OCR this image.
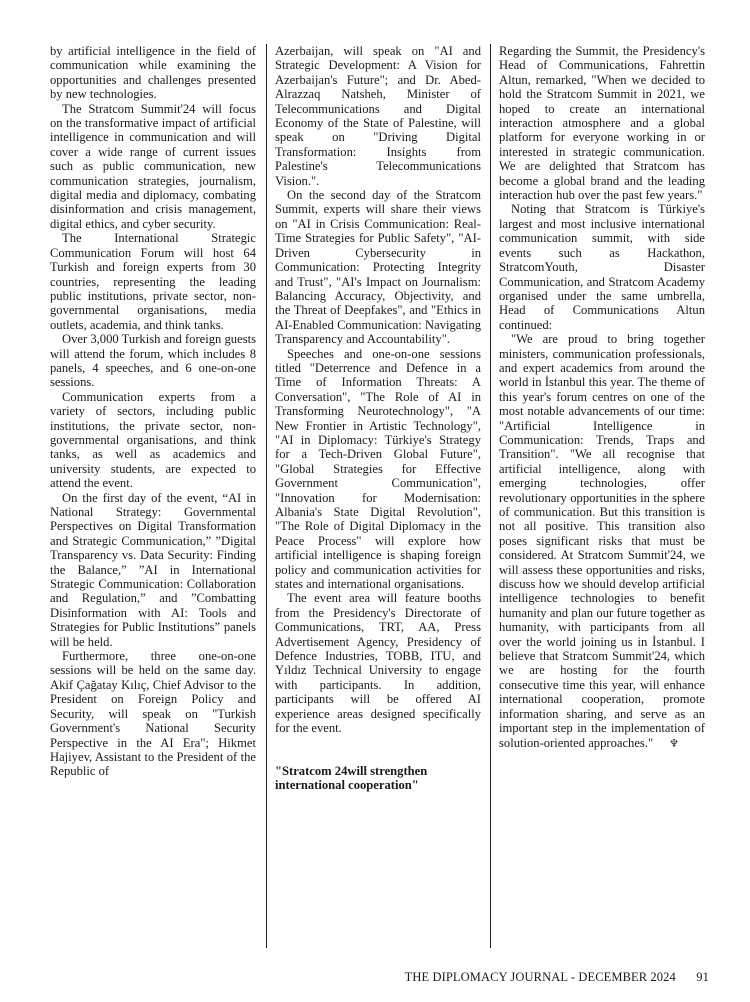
by artificial intelligence in the field of communication while examining the opportunities and challenges presented by new technologies.

The Stratcom Summit'24 will focus on the transformative impact of artificial intelligence in communication and will cover a wide range of current issues such as public communication, new communication strategies, journalism, digital media and diplomacy, combating disinformation and crisis management, digital ethics, and cyber security.

The International Strategic Communication Forum will host 64 Turkish and foreign experts from 30 countries, representing the leading public institutions, private sector, non-governmental organisations, media outlets, academia, and think tanks.

Over 3,000 Turkish and foreign guests will attend the forum, which includes 8 panels, 4 speeches, and 6 one-on-one sessions.

Communication experts from a variety of sectors, including public institutions, the private sector, non-governmental organisations, and think tanks, as well as academics and university students, are expected to attend the event.

On the first day of the event, “AI in National Strategy: Governmental Perspectives on Digital Transformation and Strategic Communication,” ”Digital Transparency vs. Data Security: Finding the Balance,” ”AI in International Strategic Communication: Collaboration and Regulation,” and ”Combatting Disinformation with AI: Tools and Strategies for Public Institutions” panels will be held.

Furthermore, three one-on-one sessions will be held on the same day. Akif Çağatay Kılıç, Chief Advisor to the President on Foreign Policy and Security, will speak on "Turkish Government's National Security Perspective in the AI Era"; Hikmet Hajiyev, Assistant to the President of the Republic of

Azerbaijan, will speak on "AI and Strategic Development: A Vision for Azerbaijan's Future"; and Dr. Abed-Alrazzaq Natsheh, Minister of Telecommunications and Digital Economy of the State of Palestine, will speak on "Driving Digital Transformation: Insights from Palestine's Telecommunications Vision.".

On the second day of the Stratcom Summit, experts will share their views on "AI in Crisis Communication: Real-Time Strategies for Public Safety", "AI-Driven Cybersecurity in Communication: Protecting Integrity and Trust", "AI's Impact on Journalism: Balancing Accuracy, Objectivity, and the Threat of Deepfakes", and "Ethics in AI-Enabled Communication: Navigating Transparency and Accountability".

Speeches and one-on-one sessions titled "Deterrence and Defence in a Time of Information Threats: A Conversation", "The Role of AI in Transforming Neurotechnology", "A New Frontier in Artistic Technology", "AI in Diplomacy: Türkiye's Strategy for a Tech-Driven Global Future", "Global Strategies for Effective Government Communication", "Innovation for Modernisation: Albania's State Digital Revolution", "The Role of Digital Diplomacy in the Peace Process" will explore how artificial intelligence is shaping foreign policy and communication activities for states and international organisations.

The event area will feature booths from the Presidency's Directorate of Communications, TRT, AA, Press Advertisement Agency, Presidency of Defence Industries, TOBB, ITU, and Yıldız Technical University to engage with participants. In addition, participants will be offered AI experience areas designed specifically for the event.

"Stratcom 24will strengthen international cooperation"

Regarding the Summit, the Presidency's Head of Communications, Fahrettin Altun, remarked, "When we decided to hold the Stratcom Summit in 2021, we hoped to create an international interaction atmosphere and a global platform for everyone working in or interested in strategic communication. We are delighted that Stratcom has become a global brand and the leading interaction hub over the past few years."

Noting that Stratcom is Türkiye's largest and most inclusive international communication summit, with side events such as Hackathon, StratcomYouth, Disaster Communication, and Stratcom Academy organised under the same umbrella, Head of Communications Altun continued:

"We are proud to bring together ministers, communication professionals, and expert academics from around the world in İstanbul this year. The theme of this year's forum centres on one of the most notable advancements of our time: "Artificial Intelligence in Communication: Trends, Traps and Transition". "We all recognise that artificial intelligence, along with emerging technologies, offer revolutionary opportunities in the sphere of communication. But this transition is not all positive. This transition also poses significant risks that must be considered. At Stratcom Summit'24, we will assess these opportunities and risks, discuss how we should develop artificial intelligence technologies to benefit humanity and plan our future together as humanity, with participants from all over the world joining us in İstanbul. I believe that Stratcom Summit'24, which we are hosting for the fourth consecutive time this year, will enhance international cooperation, promote information sharing, and serve as an important step in the implementation of solution-oriented approaches." ♆

THE DIPLOMACY JOURNAL - DECEMBER 2024 91
